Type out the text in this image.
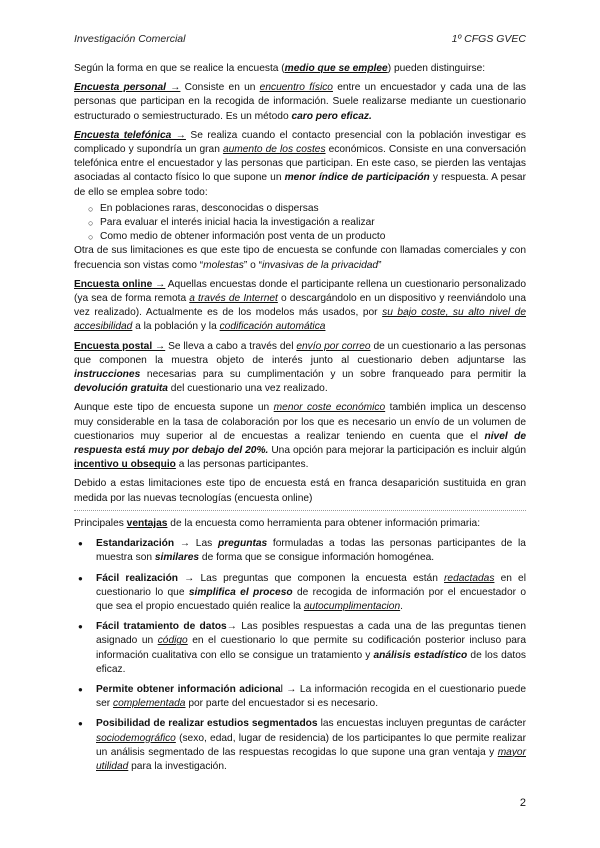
Investigación Comercial	1º CFGS GVEC

Según la forma en que se realice la encuesta (medio que se emplee) pueden distinguirse:

Encuesta personal → Consiste en un encuentro físico entre un encuestador y cada una de las personas que participan en la recogida de información. Suele realizarse mediante un cuestionario estructurado o semiestructurado. Es un método caro pero eficaz.

Encuesta telefónica → Se realiza cuando el contacto presencial con la población investigar es complicado y supondría un gran aumento de los costes económicos. Consiste en una conversación telefónica entre el encuestador y las personas que participan. En este caso, se pierden las ventajas asociadas al contacto físico lo que supone un menor índice de participación y respuesta. A pesar de ello se emplea sobre todo:

○ En poblaciones raras, desconocidas o dispersas
○ Para evaluar el interés inicial hacia la investigación a realizar
○ Como medio de obtener información post venta de un producto

Otra de sus limitaciones es que este tipo de encuesta se confunde con llamadas comerciales y con frecuencia son vistas como “molestas” o “invasivas de la privacidad”

Encuesta online → Aquellas encuestas donde el participante rellena un cuestionario personalizado (ya sea de forma remota a través de Internet o descargándolo en un dispositivo y reenviándolo una vez realizado). Actualmente es de los modelos más usados, por su bajo coste, su alto nivel de accesibilidad a la población y la codificación automática

Encuesta postal → Se lleva a cabo a través del envío por correo de un cuestionario a las personas que componen la muestra objeto de interés junto al cuestionario deben adjuntarse las instrucciones necesarias para su cumplimentación y un sobre franqueado para permitir la devolución gratuita del cuestionario una vez realizado.

Aunque este tipo de encuesta supone un menor coste económico también implica un descenso muy considerable en la tasa de colaboración por los que es necesario un envío de un volumen de cuestionarios muy superior al de encuestas a realizar teniendo en cuenta que el nivel de respuesta está muy por debajo del 20%. Una opción para mejorar la participación es incluir algún incentivo u obsequio a las personas participantes.

Debido a estas limitaciones este tipo de encuesta está en franca desaparición sustituida en gran medida por las nuevas tecnologías (encuesta online)

Principales ventajas de la encuesta como herramienta para obtener información primaria:

● Estandarización → Las preguntas formuladas a todas las personas participantes de la muestra son similares de forma que se consigue información homogénea.
● Fácil realización → Las preguntas que componen la encuesta están redactadas en el cuestionario lo que simplifica el proceso de recogida de información por el encuestador o que sea el propio encuestado quién realice la autocumplimentacion.
● Fácil tratamiento de datos→ Las posibles respuestas a cada una de las preguntas tienen asignado un código en el cuestionario lo que permite su codificación posterior incluso para información cualitativa con ello se consigue un tratamiento y análisis estadístico de los datos eficaz.
● Permite obtener información adicional → La información recogida en el cuestionario puede ser complementada por parte del encuestador si es necesario.
● Posibilidad de realizar estudios segmentados las encuestas incluyen preguntas de carácter sociodemográfico (sexo, edad, lugar de residencia) de los participantes lo que permite realizar un análisis segmentado de las respuestas recogidas lo que supone una gran ventaja y mayor utilidad para la investigación.
2
